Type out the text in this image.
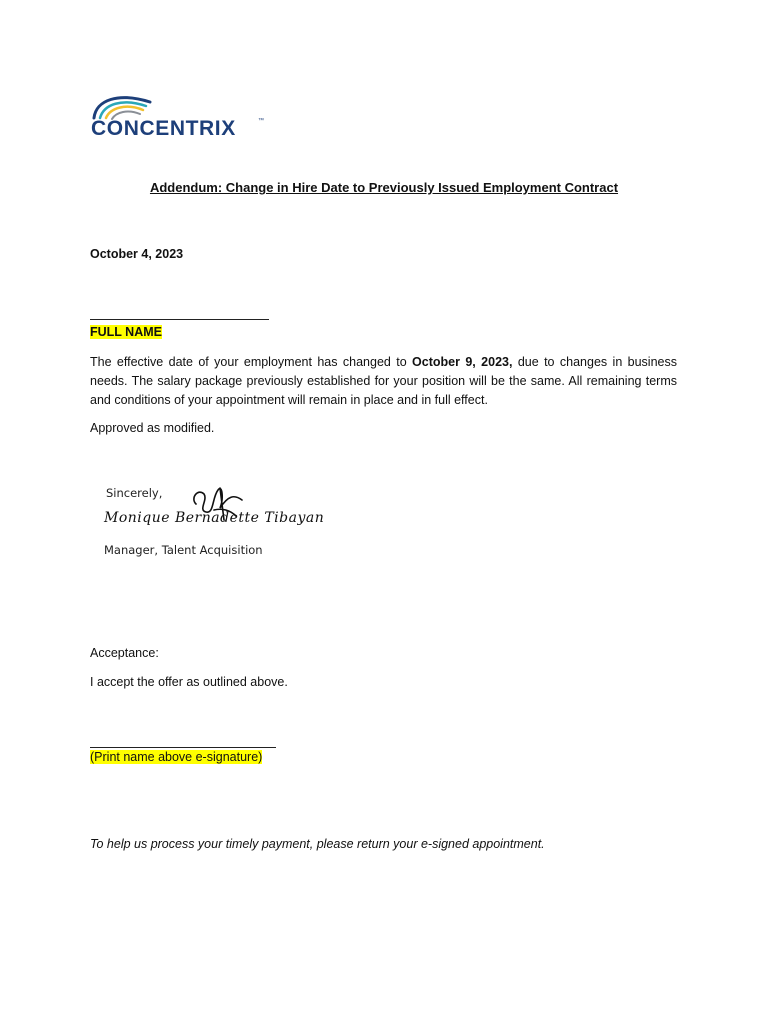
CONCENTRIX	™
Addendum: Change in Hire Date to Previously Issued Employment Contract
October 4, 2023
FULL NAME
The effective date of your employment has changed to October 9, 2023, due to changes in business needs. The salary package previously established for your position will be the same. All remaining terms and conditions of your appointment will remain in place and in full effect.
Approved as modified.
Sincerely,
Monique Bernadette Tibayan
Manager, Talent Acquisition
Acceptance:
I accept the offer as outlined above.
(Print name above e-signature)
To help us process your timely payment, please return your e-signed appointment.
